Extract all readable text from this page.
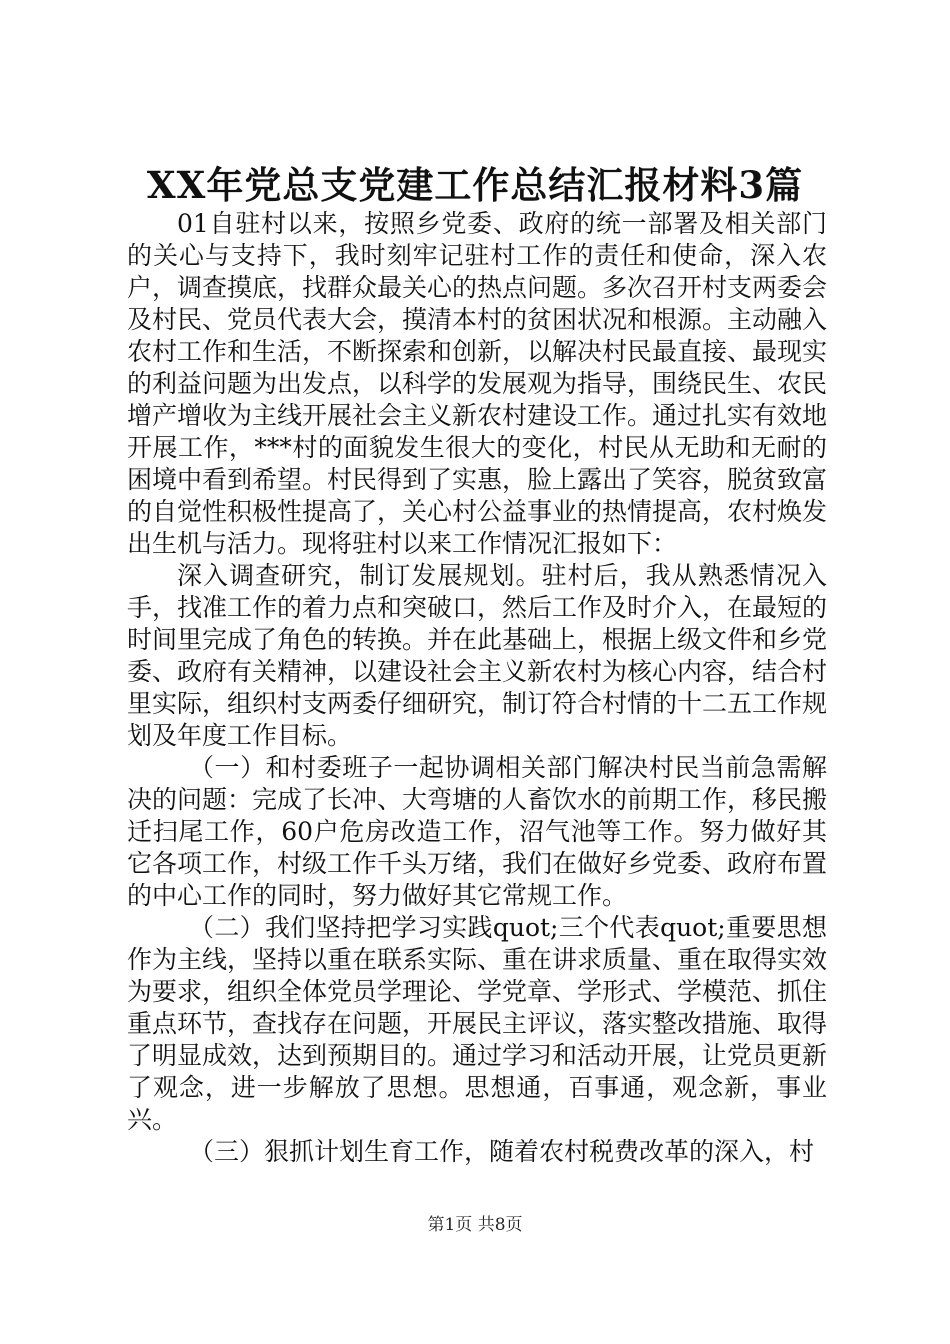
XX年党总支党建工作总结汇报材料3篇

01自驻村以来，按照乡党委、政府的统一部署及相关部门的关心与支持下，我时刻牢记驻村工作的责任和使命，深入农户，调查摸底，找群众最关心的热点问题。多次召开村支两委会及村民、党员代表大会，摸清本村的贫困状况和根源。主动融入农村工作和生活，不断探索和创新，以解决村民最直接、最现实的利益问题为出发点，以科学的发展观为指导，围绕民生、农民增产增收为主线开展社会主义新农村建设工作。通过扎实有效地开展工作，***村的面貌发生很大的变化，村民从无助和无耐的困境中看到希望。村民得到了实惠，脸上露出了笑容，脱贫致富的自觉性积极性提高了，关心村公益事业的热情提高，农村焕发出生机与活力。现将驻村以来工作情况汇报如下：

深入调查研究，制订发展规划。驻村后，我从熟悉情况入手，找准工作的着力点和突破口，然后工作及时介入，在最短的时间里完成了角色的转换。并在此基础上，根据上级文件和乡党委、政府有关精神，以建设社会主义新农村为核心内容，结合村里实际，组织村支两委仔细研究，制订符合村情的十二五工作规划及年度工作目标。

（一）和村委班子一起协调相关部门解决村民当前急需解决的问题：完成了长冲、大弯塘的人畜饮水的前期工作，移民搬迁扫尾工作，60户危房改造工作，沼气池等工作。努力做好其它各项工作，村级工作千头万绪，我们在做好乡党委、政府布置的中心工作的同时，努力做好其它常规工作。

（二）我们坚持把学习实践quot;三个代表quot;重要思想作为主线，坚持以重在联系实际、重在讲求质量、重在取得实效为要求，组织全体党员学理论、学党章、学形式、学模范、抓住重点环节，查找存在问题，开展民主评议，落实整改措施、取得了明显成效，达到预期目的。通过学习和活动开展，让党员更新了观念，进一步解放了思想。思想通，百事通，观念新，事业兴。

（三）狠抓计划生育工作，随着农村税费改革的深入，村

第1页 共8页
